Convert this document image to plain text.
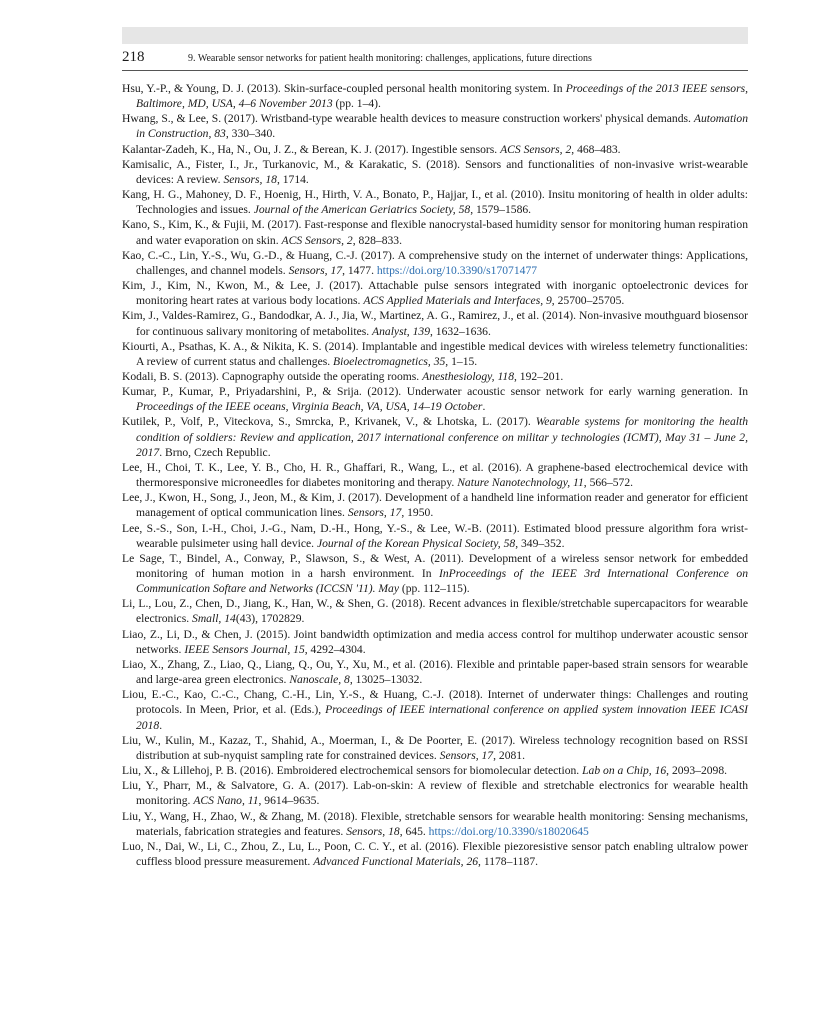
218	9. Wearable sensor networks for patient health monitoring: challenges, applications, future directions

Hsu, Y.-P., & Young, D. J. (2013). Skin-surface-coupled personal health monitoring system. In Proceedings of the 2013 IEEE sensors, Baltimore, MD, USA, 4–6 November 2013 (pp. 1–4).

Hwang, S., & Lee, S. (2017). Wristband-type wearable health devices to measure construction workers' physical demands. Automation in Construction, 83, 330–340.

Kalantar-Zadeh, K., Ha, N., Ou, J. Z., & Berean, K. J. (2017). Ingestible sensors. ACS Sensors, 2, 468–483.

Kamisalic, A., Fister, I., Jr., Turkanovic, M., & Karakatic, S. (2018). Sensors and functionalities of non-invasive wrist-wearable devices: A review. Sensors, 18, 1714.

Kang, H. G., Mahoney, D. F., Hoenig, H., Hirth, V. A., Bonato, P., Hajjar, I., et al. (2010). Insitu monitoring of health in older adults: Technologies and issues. Journal of the American Geriatrics Society, 58, 1579–1586.

Kano, S., Kim, K., & Fujii, M. (2017). Fast-response and flexible nanocrystal-based humidity sensor for monitoring human respiration and water evaporation on skin. ACS Sensors, 2, 828–833.

Kao, C.-C., Lin, Y.-S., Wu, G.-D., & Huang, C.-J. (2017). A comprehensive study on the internet of underwater things: Applications, challenges, and channel models. Sensors, 17, 1477. https://doi.org/10.3390/s17071477

Kim, J., Kim, N., Kwon, M., & Lee, J. (2017). Attachable pulse sensors integrated with inorganic optoelectronic devices for monitoring heart rates at various body locations. ACS Applied Materials and Interfaces, 9, 25700–25705.

Kim, J., Valdes-Ramirez, G., Bandodkar, A. J., Jia, W., Martinez, A. G., Ramirez, J., et al. (2014). Non-invasive mouthguard biosensor for continuous salivary monitoring of metabolites. Analyst, 139, 1632–1636.

Kiourti, A., Psathas, K. A., & Nikita, K. S. (2014). Implantable and ingestible medical devices with wireless telemetry functionalities: A review of current status and challenges. Bioelectromagnetics, 35, 1–15.

Kodali, B. S. (2013). Capnography outside the operating rooms. Anesthesiology, 118, 192–201.

Kumar, P., Kumar, P., Priyadarshini, P., & Srija. (2012). Underwater acoustic sensor network for early warning generation. In Proceedings of the IEEE oceans, Virginia Beach, VA, USA, 14–19 October.

Kutilek, P., Volf, P., Viteckova, S., Smrcka, P., Krivanek, V., & Lhotska, L. (2017). Wearable systems for monitoring the health condition of soldiers: Review and application, 2017 international conference on militar y technologies (ICMT), May 31 – June 2, 2017. Brno, Czech Republic.

Lee, H., Choi, T. K., Lee, Y. B., Cho, H. R., Ghaffari, R., Wang, L., et al. (2016). A graphene-based electrochemical device with thermoresponsive microneedles for diabetes monitoring and therapy. Nature Nanotechnology, 11, 566–572.

Lee, J., Kwon, H., Song, J., Jeon, M., & Kim, J. (2017). Development of a handheld line information reader and generator for efficient management of optical communication lines. Sensors, 17, 1950.

Lee, S.-S., Son, I.-H., Choi, J.-G., Nam, D.-H., Hong, Y.-S., & Lee, W.-B. (2011). Estimated blood pressure algorithm fora wrist-wearable pulsimeter using hall device. Journal of the Korean Physical Society, 58, 349–352.

Le Sage, T., Bindel, A., Conway, P., Slawson, S., & West, A. (2011). Development of a wireless sensor network for embedded monitoring of human motion in a harsh environment. In InProceedings of the IEEE 3rd International Conference on Communication Softare and Networks (ICCSN '11). May (pp. 112–115).

Li, L., Lou, Z., Chen, D., Jiang, K., Han, W., & Shen, G. (2018). Recent advances in flexible/stretchable supercapacitors for wearable electronics. Small, 14(43), 1702829.

Liao, Z., Li, D., & Chen, J. (2015). Joint bandwidth optimization and media access control for multihop underwater acoustic sensor networks. IEEE Sensors Journal, 15, 4292–4304.

Liao, X., Zhang, Z., Liao, Q., Liang, Q., Ou, Y., Xu, M., et al. (2016). Flexible and printable paper-based strain sensors for wearable and large-area green electronics. Nanoscale, 8, 13025–13032.

Liou, E.-C., Kao, C.-C., Chang, C.-H., Lin, Y.-S., & Huang, C.-J. (2018). Internet of underwater things: Challenges and routing protocols. In Meen, Prior, et al. (Eds.), Proceedings of IEEE international conference on applied system innovation IEEE ICASI 2018.

Liu, W., Kulin, M., Kazaz, T., Shahid, A., Moerman, I., & De Poorter, E. (2017). Wireless technology recognition based on RSSI distribution at sub-nyquist sampling rate for constrained devices. Sensors, 17, 2081.

Liu, X., & Lillehoj, P. B. (2016). Embroidered electrochemical sensors for biomolecular detection. Lab on a Chip, 16, 2093–2098.

Liu, Y., Pharr, M., & Salvatore, G. A. (2017). Lab-on-skin: A review of flexible and stretchable electronics for wearable health monitoring. ACS Nano, 11, 9614–9635.

Liu, Y., Wang, H., Zhao, W., & Zhang, M. (2018). Flexible, stretchable sensors for wearable health monitoring: Sensing mechanisms, materials, fabrication strategies and features. Sensors, 18, 645. https://doi.org/10.3390/s18020645

Luo, N., Dai, W., Li, C., Zhou, Z., Lu, L., Poon, C. C. Y., et al. (2016). Flexible piezoresistive sensor patch enabling ultralow power cuffless blood pressure measurement. Advanced Functional Materials, 26, 1178–1187.
